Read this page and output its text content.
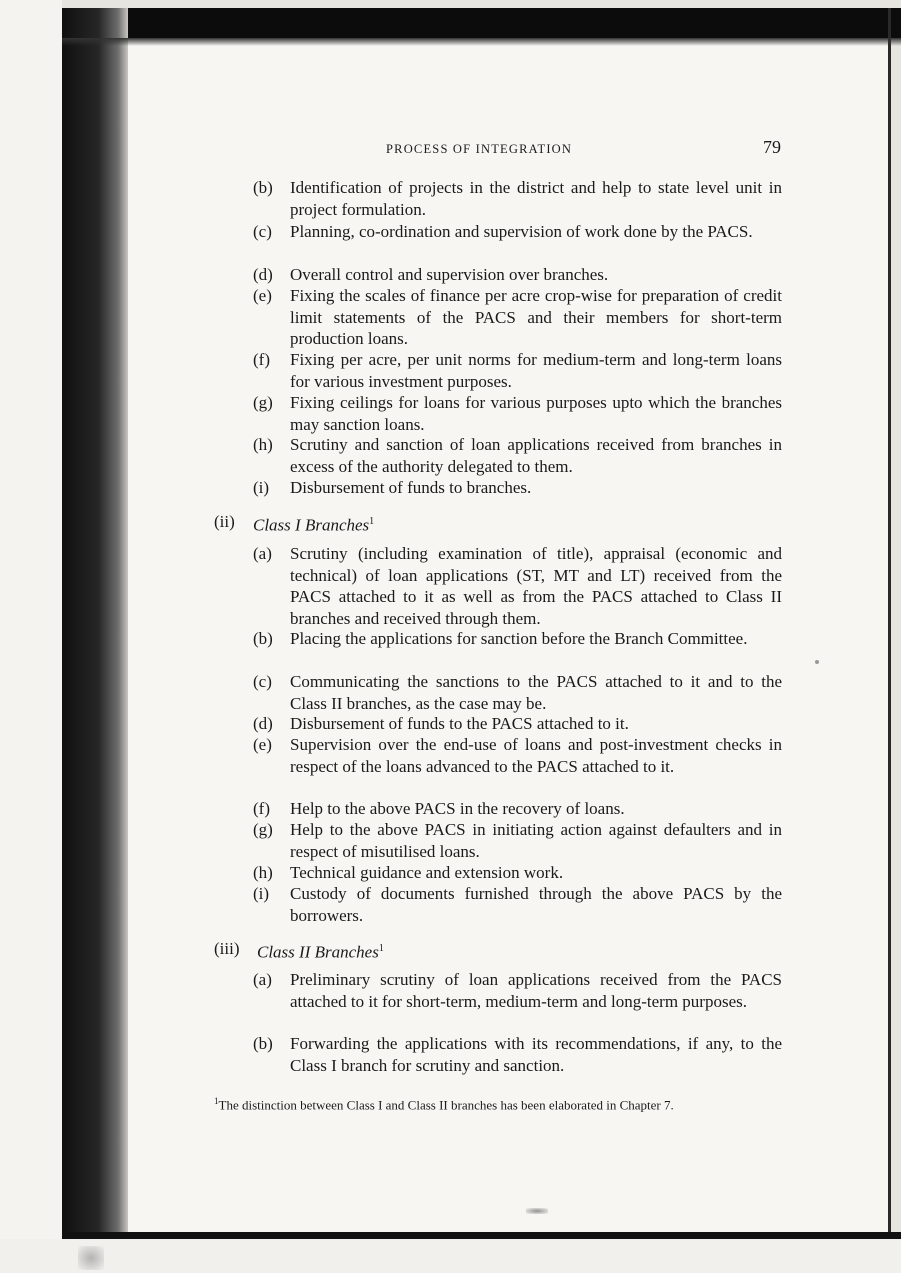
PROCESS OF INTEGRATION	79
(b)	Identification of projects in the district and help to state level unit in project formulation.
(c)	Planning, co-ordination and supervision of work done by the PACS.
(d)	Overall control and supervision over branches.
(e)	Fixing the scales of finance per acre crop-wise for preparation of credit limit statements of the PACS and their members for short-term production loans.
(f)	Fixing per acre, per unit norms for medium-term and long-term loans for various investment purposes.
(g)	Fixing ceilings for loans for various purposes upto which the branches may sanction loans.
(h)	Scrutiny and sanction of loan applications received from branches in excess of the authority delegated to them.
(i)	Disbursement of funds to branches.
(ii) Class I Branches$^1$
(a)	Scrutiny (including examination of title), appraisal (economic and technical) of loan applications (ST, MT and LT) received from the PACS attached to it as well as from the PACS attached to Class II branches and received through them.
(b)	Placing the applications for sanction before the Branch Committee.
(c)	Communicating the sanctions to the PACS attached to it and to the Class II branches, as the case may be.
(d)	Disbursement of funds to the PACS attached to it.
(e)	Supervision over the end-use of loans and post-investment checks in respect of the loans advanced to the PACS attached to it.
(f)	Help to the above PACS in the recovery of loans.
(g)	Help to the above PACS in initiating action against defaulters and in respect of misutilised loans.
(h)	Technical guidance and extension work.
(i)	Custody of documents furnished through the above PACS by the borrowers.
(iii) Class II Branches$^1$
(a)	Preliminary scrutiny of loan applications received from the PACS attached to it for short-term, medium-term and long-term purposes.
(b)	Forwarding the applications with its recommendations, if any, to the Class I branch for scrutiny and sanction.
$^1$The distinction between Class I and Class II branches has been elaborated in Chapter 7.
